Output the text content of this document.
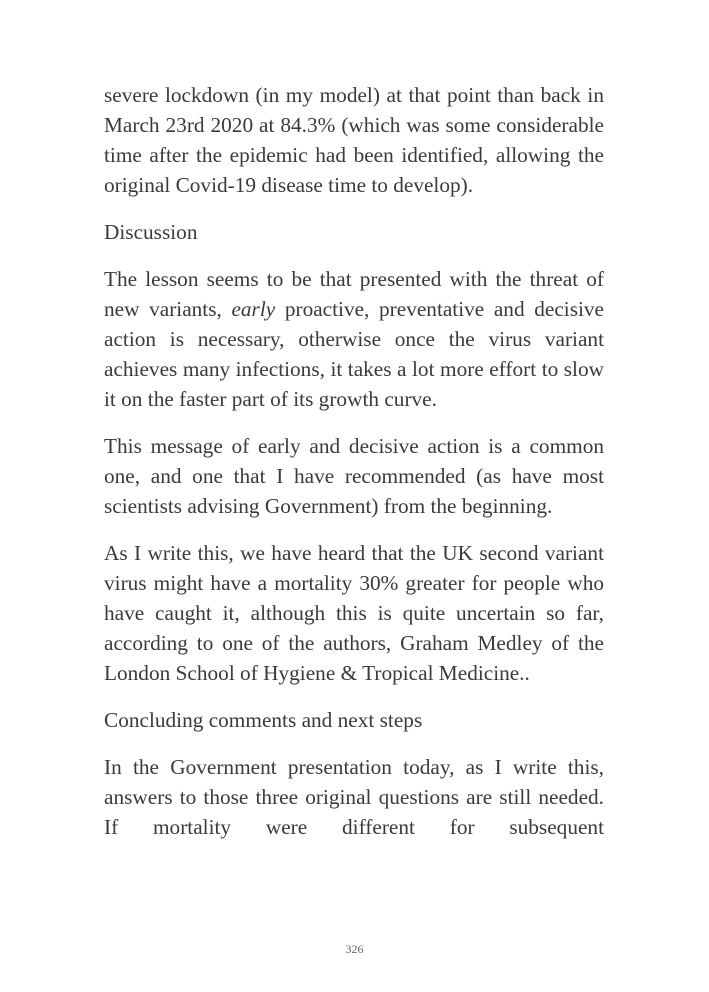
severe lockdown (in my model) at that point than back in March 23rd 2020 at 84.3% (which was some considerable time after the epidemic had been identified, allowing the original Covid-19 disease time to develop).

Discussion

The lesson seems to be that presented with the threat of new variants, early proactive, preventative and decisive action is necessary, otherwise once the virus variant achieves many infections, it takes a lot more effort to slow it on the faster part of its growth curve.

This message of early and decisive action is a common one, and one that I have recommended (as have most scientists advising Government) from the beginning.

As I write this, we have heard that the UK second variant virus might have a mortality 30% greater for people who have caught it, although this is quite uncertain so far, according to one of the authors, Graham Medley of the London School of Hygiene & Tropical Medicine..

Concluding comments and next steps

In the Government presentation today, as I write this, answers to those three original questions are still needed. If mortality were different for subsequent

326
